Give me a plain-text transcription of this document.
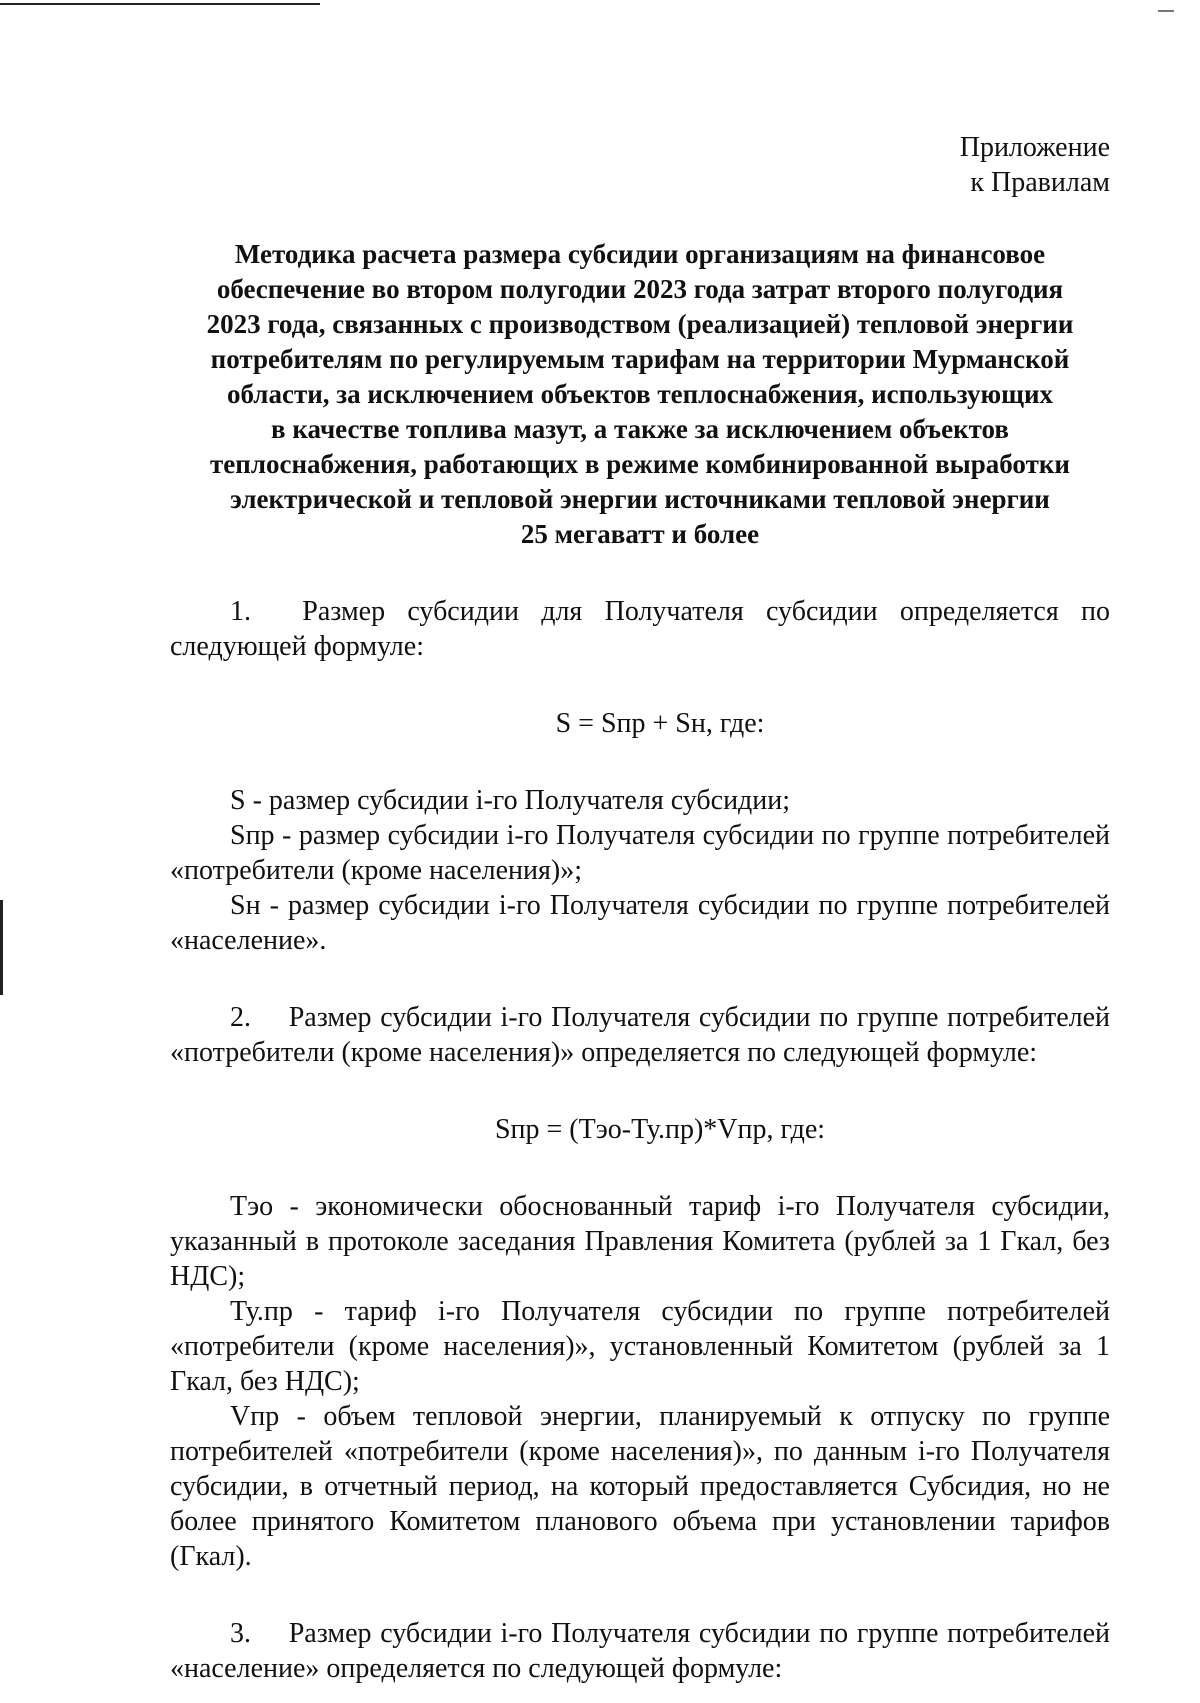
Приложение
к Правилам
Методика расчета размера субсидии организациям на финансовое
обеспечение во втором полугодии 2023 года затрат второго полугодия
2023 года, связанных с производством (реализацией) тепловой энергии
потребителям по регулируемым тарифам на территории Мурманской
области, за исключением объектов теплоснабжения, использующих
в качестве топлива мазут, а также за исключением объектов
теплоснабжения, работающих в режиме комбинированной выработки
электрической и тепловой энергии источниками тепловой энергии
25 мегаватт и более

1. Размер субсидии для Получателя субсидии определяется по следующей формуле:

S = Sпр + Sн, где:

S - размер субсидии i-го Получателя субсидии;

Sпр - размер субсидии i-го Получателя субсидии по группе потребителей «потребители (кроме населения)»;

Sн - размер субсидии i-го Получателя субсидии по группе потребителей «население».

2. Размер субсидии i-го Получателя субсидии по группе потребителей «потребители (кроме населения)» определяется по следующей формуле:

Sпр = (Тэо-Ту.пр)*Vпр, где:

Тэо - экономически обоснованный тариф i-го Получателя субсидии, указанный в протоколе заседания Правления Комитета (рублей за 1 Гкал, без НДС);

Ту.пр - тариф i-го Получателя субсидии по группе потребителей «потребители (кроме населения)», установленный Комитетом (рублей за 1 Гкал, без НДС);

Vпр - объем тепловой энергии, планируемый к отпуску по группе потребителей «потребители (кроме населения)», по данным i-го Получателя субсидии, в отчетный период, на который предоставляется Субсидия, но не более принятого Комитетом планового объема при установлении тарифов (Гкал).

3. Размер субсидии i-го Получателя субсидии по группе потребителей «население» определяется по следующей формуле:
